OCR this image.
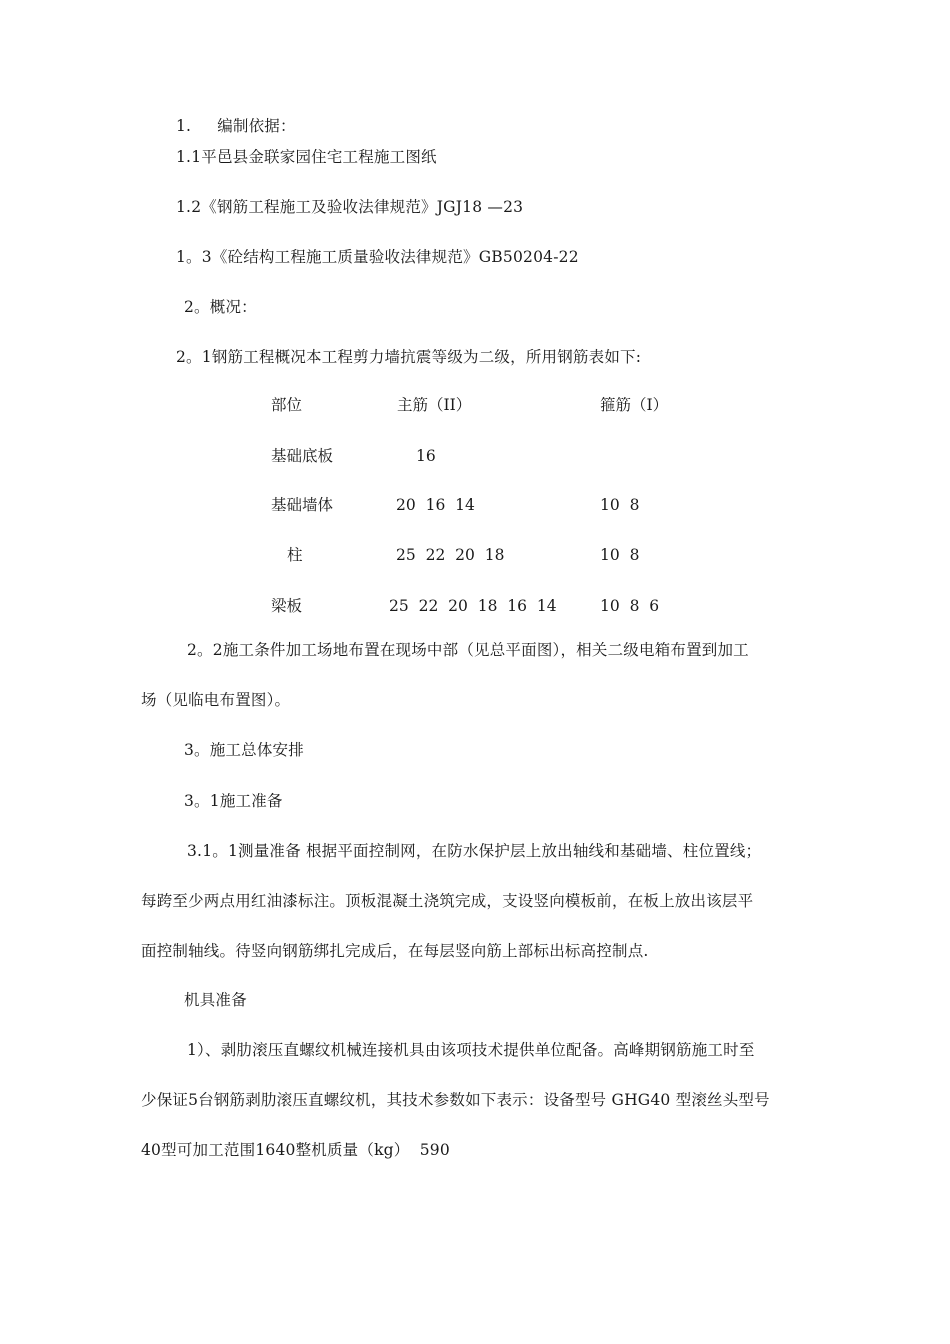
1. 编制依据：
1.1平邑县金联家园住宅工程施工图纸
1.2《钢筋工程施工及验收法律规范》JGJ18 —23
1。3《砼结构工程施工质量验收法律规范》GB50204-22
2。概况：
2。1钢筋工程概况本工程剪力墙抗震等级为二级，所用钢筋表如下:
部位	主筋（II）	箍筋（I）
基础底板	16
基础墙体	20  16  14	10  8
柱	25  22  20  18	10  8
梁板	25  22  20  18  16  14	10  8  6
2。2施工条件加工场地布置在现场中部（见总平面图），相关二级电箱布置到加工
场（见临电布置图）。
3。施工总体安排
3。1施工准备
3.1。1测量准备 根据平面控制网，在防水保护层上放出轴线和基础墙、柱位置线；
每跨至少两点用红油漆标注。顶板混凝土浇筑完成，支设竖向模板前，在板上放出该层平
面控制轴线。待竖向钢筋绑扎完成后，在每层竖向筋上部标出标高控制点.
机具准备
1）、剥肋滚压直螺纹机械连接机具由该项技术提供单位配备。高峰期钢筋施工时至
少保证5台钢筋剥肋滚压直螺纹机，其技术参数如下表示：设备型号 GHG40 型滚丝头型号
40型可加工范围1640整机质量（kg）  590
